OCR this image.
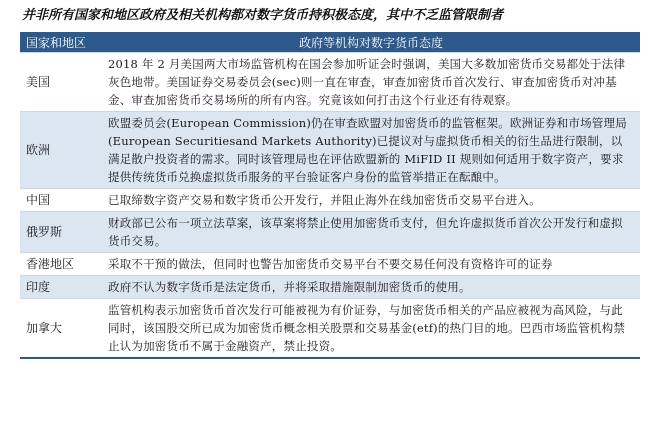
并非所有国家和地区政府及相关机构都对数字货币持积极态度，其中不乏监管限制者
国家和地区	政府等机构对数字货币态度
美国	2018 年 2 月美国两大市场监管机构在国会参加听证会时强调，美国大多数加密货币交易都处于法律灰色地带。美国证券交易委员会(sec)则一直在审查，审查加密货币首次发行、审查加密货币对冲基金、审查加密货币交易场所的所有内容。究竟该如何打击这个行业还有待观察。
欧洲	欧盟委员会(European Commission)仍在审查欧盟对加密货币的监管框架。欧洲证券和市场管理局(European Securitiesand Markets Authority)已提议对与虚拟货币相关的衍生品进行限制，以满足散户投资者的需求。同时该管理局也在评估欧盟新的 MiFID II 规则如何适用于数字资产，要求提供传统货币兑换虚拟货币服务的平台验证客户身份的监管举措正在酝酿中。
中国	已取缔数字资产交易和数字货币公开发行，并阻止海外在线加密货币交易平台进入。
俄罗斯	财政部已公布一项立法草案，该草案将禁止使用加密货币支付，但允许虚拟货币首次公开发行和虚拟货币交易。
香港地区	采取不干预的做法，但同时也警告加密货币交易平台不要交易任何没有资格许可的证券
印度	政府不认为数字货币是法定货币，并将采取措施限制加密货币的使用。
加拿大	监管机构表示加密货币首次发行可能被视为有价证券，与加密货币相关的产品应被视为高风险，与此同时，该国股交所已成为加密货币概念相关股票和交易基金(etf)的热门目的地。巴西市场监管机构禁止认为加密货币不属于金融资产，禁止投资。
